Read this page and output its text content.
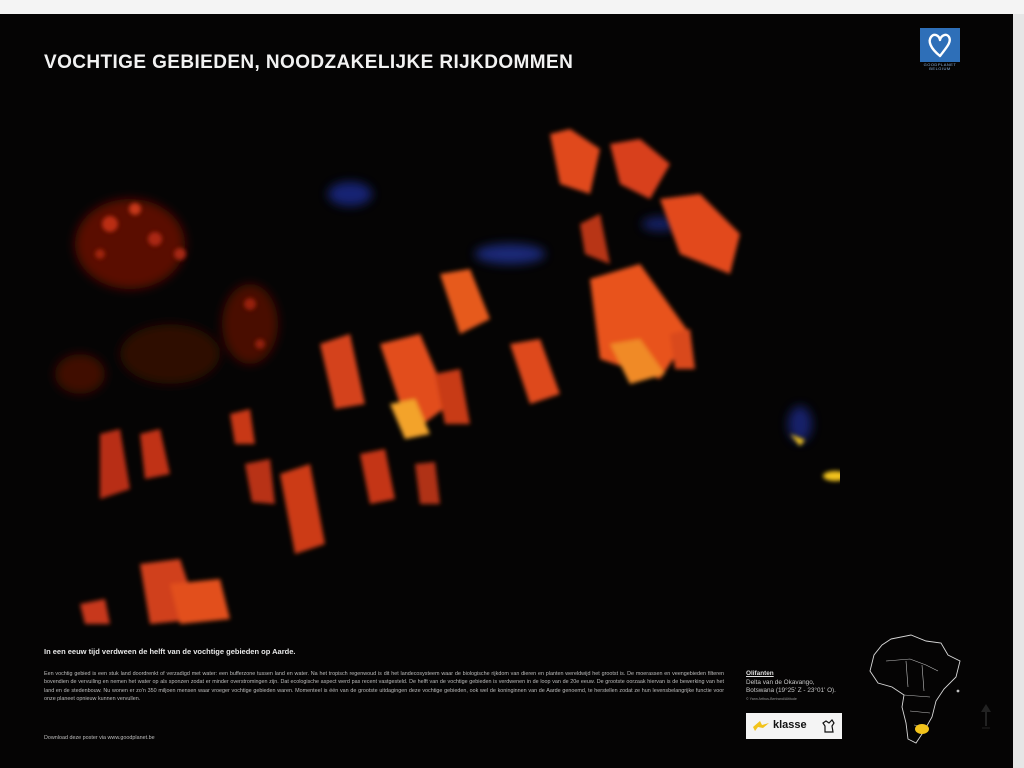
VOCHTIGE GEBIEDEN, NOODZAKELIJKE RIJKDOMMEN	GOODPLANET BELGIUM
In een eeuw tijd verdween de helft van de vochtige gebieden op Aarde.
Een vochtig gebied is een stuk land doordrenkt of verzadigd met water: een bufferzone tussen land en water. Na het tropisch regenwoud is dit het landecosysteem waar de biologische rijkdom van dieren en planten wereldwijd het grootst is. De moerassen en veengebieden filteren bovendien de vervuiling en nemen het water op als sponzen zodat er minder overstromingen zijn. Dat ecologische aspect werd pas recent vastgesteld. De helft van de vochtige gebieden is verdwenen in de loop van de 20e eeuw. De grootste oorzaak hiervan is de bewerking van het land en de stedenbouw. Nu wonen er zo'n 350 miljoen mensen waar vroeger vochtige gebieden waren. Momenteel is één van de grootste uitdagingen deze vochtige gebieden, ook wel de koninginnen van de Aarde genoemd, te herstellen zodat ze hun levensbelangrijke functie voor onze planeet opnieuw kunnen vervullen.
Download deze poster via www.goodplanet.be
Olifanten
Delta van de Okavango,
Botswana (19°25' Z - 23°01' O).
© Yann Arthus-Bertrand/Altitude
klasse
